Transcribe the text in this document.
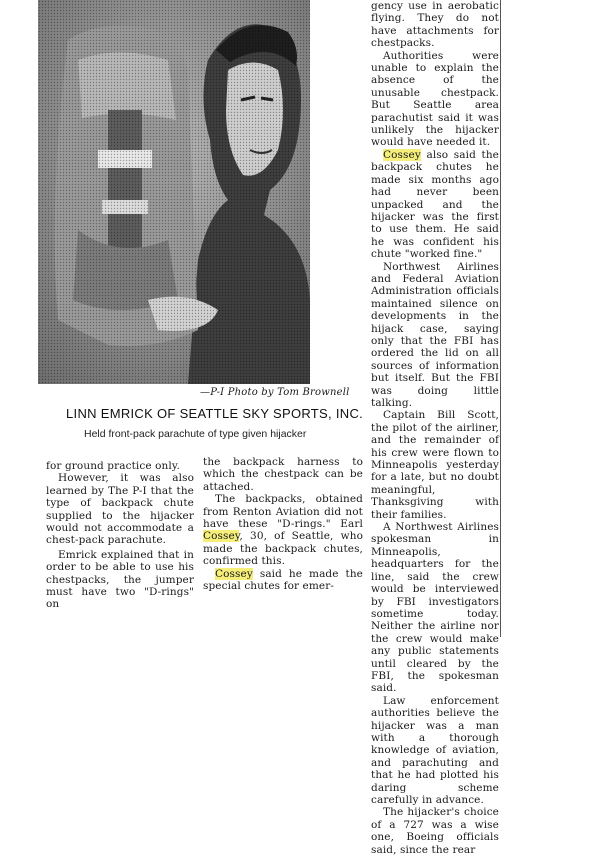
—P-I Photo by Tom Brownell
LINN EMRICK OF SEATTLE SKY SPORTS, INC.
Held front-pack parachute of type given hijacker

for ground practice only.

However, it was also learned by The P-I that the type of backpack chute supplied to the hijacker would not accommodate a chest-pack parachute.

Emrick explained that in order to be able to use his chestpacks, the jumper must have two "D-rings" on

the backpack harness to which the chestpack can be attached.

The backpacks, obtained from Renton Aviation did not have these "D-rings." Earl Cossey, 30, of Seattle, who made the backpack chutes, confirmed this.

Cossey said he made the special chutes for emer-

gency use in aerobatic flying. They do not have attachments for chestpacks.

Authorities were unable to explain the absence of the unusable chestpack. But Seattle area parachutist said it was unlikely the hijacker would have needed it.

Cossey also said the backpack chutes he made six months ago had never been unpacked and the hijacker was the first to use them. He said he was confident his chute "worked fine."

Northwest Airlines and Federal Aviation Administration officials maintained silence on developments in the hijack case, saying only that the FBI has ordered the lid on all sources of information but itself. But the FBI was doing little talking.

Captain Bill Scott, the pilot of the airliner, and the remainder of his crew were flown to Minneapolis yesterday for a late, but no doubt meaningful, Thanksgiving with their families.

A Northwest Airlines spokesman in Minneapolis, headquarters for the line, said the crew would be interviewed by FBI investigators sometime today. Neither the airline nor the crew would make any public statements until cleared by the FBI, the spokesman said.

Law enforcement authorities believe the hijacker was a man with a thorough knowledge of aviation, and parachuting and that he had plotted his daring scheme carefully in advance.

The hijacker's choice of a 727 was a wise one, Boeing officials said, since the rear
